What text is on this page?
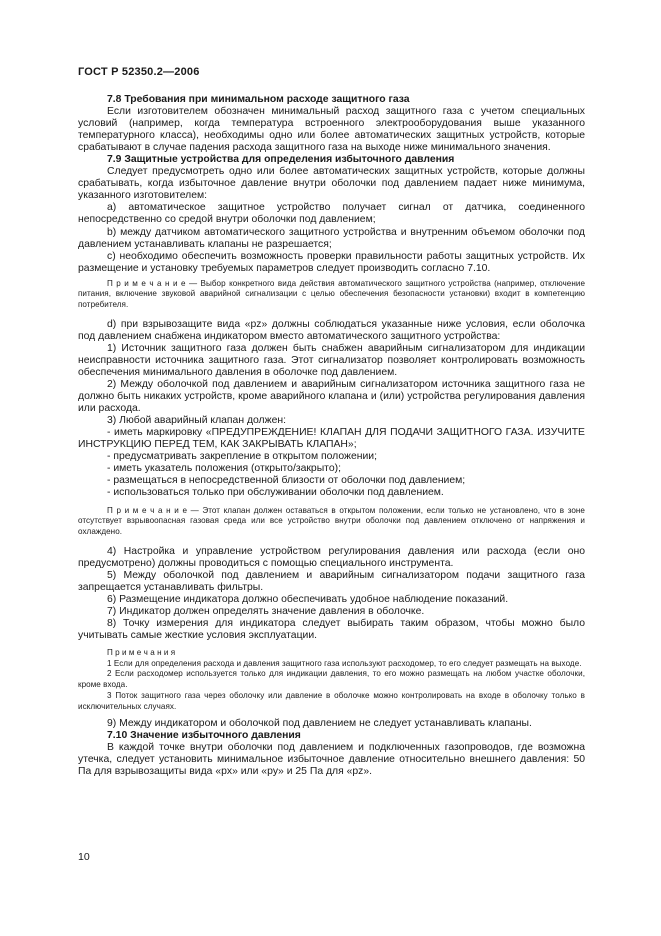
ГОСТ Р 52350.2—2006

7.8 Требования при минимальном расходе защитного газа

Если изготовителем обозначен минимальный расход защитного газа с учетом специальных условий (например, когда температура встроенного электрооборудования выше указанного температурного класса), необходимы одно или более автоматических защитных устройств, которые срабатывают в случае падения расхода защитного газа на выходе ниже минимального значения.

7.9 Защитные устройства для определения избыточного давления

Следует предусмотреть одно или более автоматических защитных устройств, которые должны срабатывать, когда избыточное давление внутри оболочки под давлением падает ниже минимума, указанного изготовителем:

a) автоматическое защитное устройство получает сигнал от датчика, соединенного непосредственно со средой внутри оболочки под давлением;

b) между датчиком автоматического защитного устройства и внутренним объемом оболочки под давлением устанавливать клапаны не разрешается;

c) необходимо обеспечить возможность проверки правильности работы защитных устройств. Их размещение и установку требуемых параметров следует производить согласно 7.10.

П р и м е ч а н и е — Выбор конкретного вида действия автоматического защитного устройства (например, отключение питания, включение звуковой аварийной сигнализации с целью обеспечения безопасности установки) входит в компетенцию потребителя.

d) при взрывозащите вида «pz» должны соблюдаться указанные ниже условия, если оболочка под давлением снабжена индикатором вместо автоматического защитного устройства:

1) Источник защитного газа должен быть снабжен аварийным сигнализатором для индикации неисправности источника защитного газа. Этот сигнализатор позволяет контролировать возможность обеспечения минимального давления в оболочке под давлением.

2) Между оболочкой под давлением и аварийным сигнализатором источника защитного газа не должно быть никаких устройств, кроме аварийного клапана и (или) устройства регулирования давления или расхода.

3) Любой аварийный клапан должен:

- иметь маркировку «ПРЕДУПРЕЖДЕНИЕ! КЛАПАН ДЛЯ ПОДАЧИ ЗАЩИТНОГО ГАЗА. ИЗУЧИТЕ ИНСТРУКЦИЮ ПЕРЕД ТЕМ, КАК ЗАКРЫВАТЬ КЛАПАН»;

- предусматривать закрепление в открытом положении;

- иметь указатель положения (открыто/закрыто);

- размещаться в непосредственной близости от оболочки под давлением;

- использоваться только при обслуживании оболочки под давлением.

П р и м е ч а н и е — Этот клапан должен оставаться в открытом положении, если только не установлено, что в зоне отсутствует взрывоопасная газовая среда или все устройство внутри оболочки под давлением отключено от напряжения и охлаждено.

4) Настройка и управление устройством регулирования давления или расхода (если оно предусмотрено) должны проводиться с помощью специального инструмента.

5) Между оболочкой под давлением и аварийным сигнализатором подачи защитного газа запрещается устанавливать фильтры.

6) Размещение индикатора должно обеспечивать удобное наблюдение показаний.

7) Индикатор должен определять значение давления в оболочке.

8) Точку измерения для индикатора следует выбирать таким образом, чтобы можно было учитывать самые жесткие условия эксплуатации.

П р и м е ч а н и я

1 Если для определения расхода и давления защитного газа используют расходомер, то его следует размещать на выходе.

2 Если расходомер используется только для индикации давления, то его можно размещать на любом участке оболочки, кроме входа.

3 Поток защитного газа через оболочку или давление в оболочке можно контролировать на входе в оболочку только в исключительных случаях.

9) Между индикатором и оболочкой под давлением не следует устанавливать клапаны.

7.10 Значение избыточного давления

В каждой точке внутри оболочки под давлением и подключенных газопроводов, где возможна утечка, следует установить минимальное избыточное давление относительно внешнего давления: 50 Па для взрывозащиты вида «px» или «py» и 25 Па для «pz».

10
